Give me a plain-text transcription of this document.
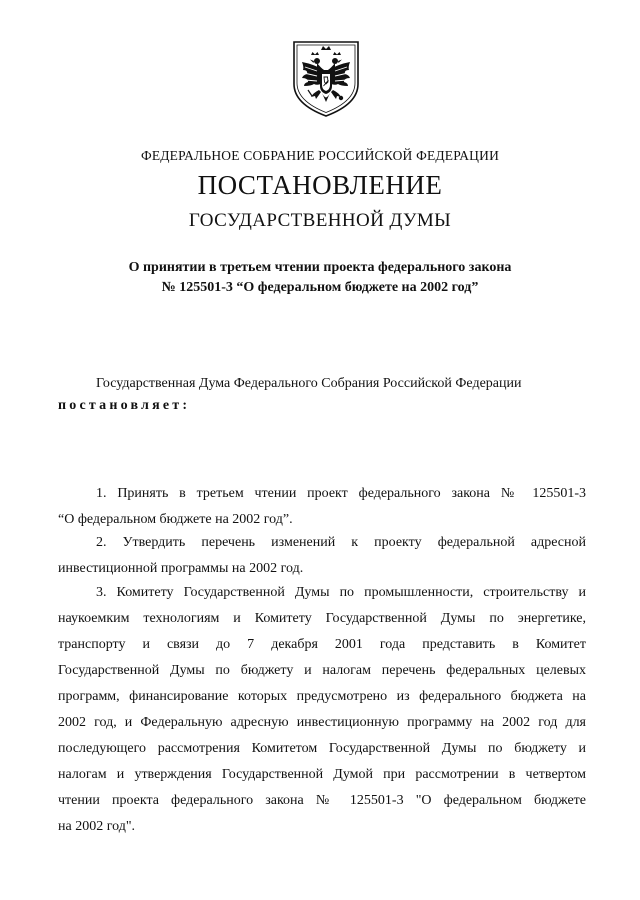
ФЕДЕРАЛЬНОЕ СОБРАНИЕ РОССИЙСКОЙ ФЕДЕРАЦИИ
ПОСТАНОВЛЕНИЕ
ГОСУДАРСТВЕННОЙ ДУМЫ
О принятии в третьем чтении проекта федерального закона
№ 125501-3 “О федеральном бюджете на 2002 год”
Государственная Дума Федерального Собрания Российской Федерации
постановляет:
1. Принять в третьем чтении проект федерального закона № 125501-3
“О федеральном бюджете на 2002 год”.
2. Утвердить перечень изменений к проекту федеральной адресной
инвестиционной программы на 2002 год.
3. Комитету Государственной Думы по промышленности, строительству и
наукоемким технологиям и Комитету Государственной Думы по энергетике,
транспорту и связи до 7 декабря 2001 года представить в Комитет
Государственной Думы по бюджету и налогам перечень федеральных целевых
программ, финансирование которых предусмотрено из федерального бюджета на
2002 год, и Федеральную адресную инвестиционную программу на 2002 год для
последующего рассмотрения Комитетом Государственной Думы по бюджету и
налогам и утверждения Государственной Думой при рассмотрении в четвертом
чтении проекта федерального закона № 125501-3 "О федеральном бюджете
на 2002 год".
